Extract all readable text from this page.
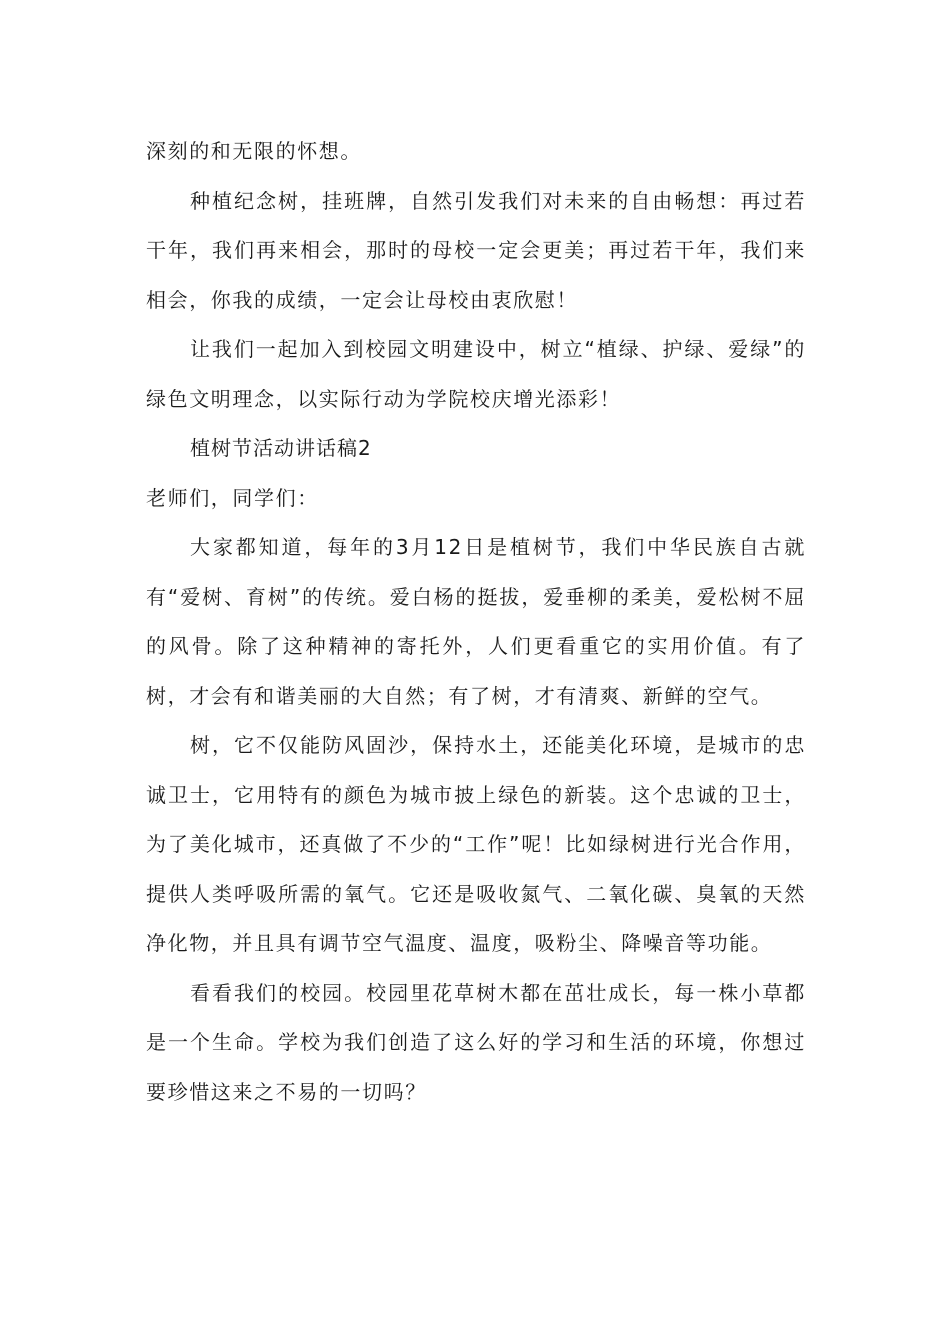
深刻的和无限的怀想。

种植纪念树，挂班牌，自然引发我们对未来的自由畅想：再过若干年，我们再来相会，那时的母校一定会更美；再过若干年，我们来相会，你我的成绩，一定会让母校由衷欣慰！

让我们一起加入到校园文明建设中，树立“植绿、护绿、爱绿”的绿色文明理念，以实际行动为学院校庆增光添彩！

植树节活动讲话稿2

老师们，同学们：

大家都知道，每年的3月12日是植树节，我们中华民族自古就有“爱树、育树”的传统。爱白杨的挺拔，爱垂柳的柔美，爱松树不屈的风骨。除了这种精神的寄托外，人们更看重它的实用价值。有了树，才会有和谐美丽的大自然；有了树，才有清爽、新鲜的空气。

树，它不仅能防风固沙，保持水土，还能美化环境，是城市的忠诚卫士，它用特有的颜色为城市披上绿色的新装。这个忠诚的卫士，为了美化城市，还真做了不少的“工作”呢！比如绿树进行光合作用，提供人类呼吸所需的氧气。它还是吸收氮气、二氧化碳、臭氧的天然净化物，并且具有调节空气温度、温度，吸粉尘、降噪音等功能。

看看我们的校园。校园里花草树木都在茁壮成长，每一株小草都是一个生命。学校为我们创造了这么好的学习和生活的环境，你想过要珍惜这来之不易的一切吗？
